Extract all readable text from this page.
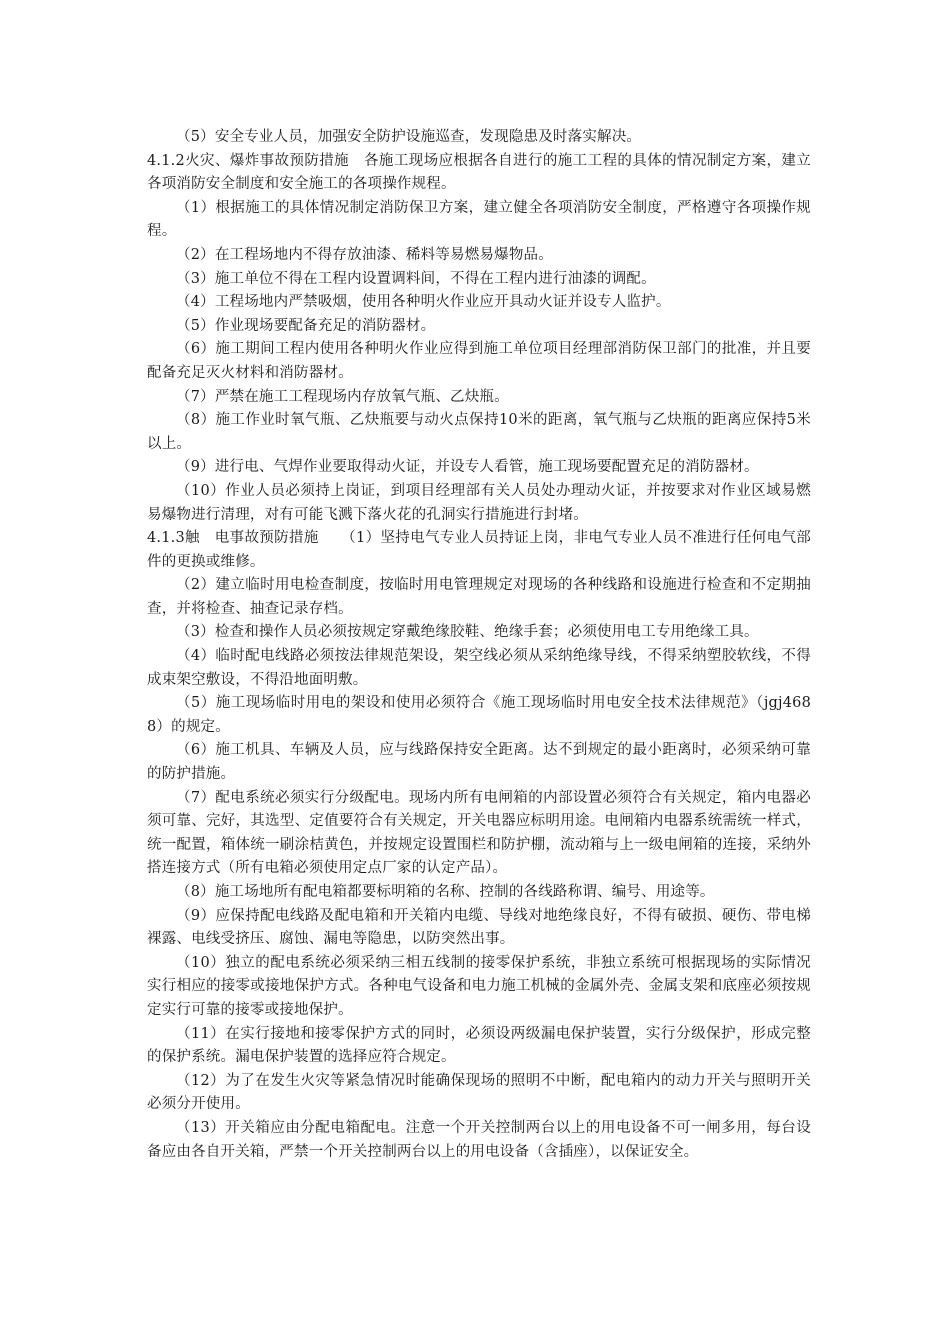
（5）安全专业人员，加强安全防护设施巡查，发现隐患及时落实解决。

4.1.2火灾、爆炸事故预防措施　各施工现场应根据各自进行的施工工程的具体的情况制定方案，建立各项消防安全制度和安全施工的各项操作规程。

（1）根据施工的具体情况制定消防保卫方案，建立健全各项消防安全制度，严格遵守各项操作规程。

（2）在工程场地内不得存放油漆、稀料等易燃易爆物品。

（3）施工单位不得在工程内设置调料间，不得在工程内进行油漆的调配。

（4）工程场地内严禁吸烟，使用各种明火作业应开具动火证并设专人监护。

（5）作业现场要配备充足的消防器材。

（6）施工期间工程内使用各种明火作业应得到施工单位项目经理部消防保卫部门的批准，并且要配备充足灭火材料和消防器材。

（7）严禁在施工工程现场内存放氧气瓶、乙炔瓶。

（8）施工作业时氧气瓶、乙炔瓶要与动火点保持10米的距离，氧气瓶与乙炔瓶的距离应保持5米以上。

（9）进行电、气焊作业要取得动火证，并设专人看管，施工现场要配置充足的消防器材。

（10）作业人员必须持上岗证，到项目经理部有关人员处办理动火证，并按要求对作业区域易燃易爆物进行清理，对有可能飞溅下落火花的孔洞实行措施进行封堵。

4.1.3触　电事故预防措施　　（1）坚持电气专业人员持证上岗，非电气专业人员不准进行任何电气部件的更换或维修。

（2）建立临时用电检查制度，按临时用电管理规定对现场的各种线路和设施进行检查和不定期抽查，并将检查、抽查记录存档。

（3）检查和操作人员必须按规定穿戴绝缘胶鞋、绝缘手套；必须使用电工专用绝缘工具。

（4）临时配电线路必须按法律规范架设，架空线必须从采纳绝缘导线，不得采纳塑胶软线，不得成束架空敷设，不得沿地面明敷。

（5）施工现场临时用电的架设和使用必须符合《施工现场临时用电安全技术法律规范》（jgj4688）的规定。

（6）施工机具、车辆及人员，应与线路保持安全距离。达不到规定的最小距离时，必须采纳可靠的防护措施。

（7）配电系统必须实行分级配电。现场内所有电闸箱的内部设置必须符合有关规定，箱内电器必须可靠、完好，其选型、定值要符合有关规定，开关电器应标明用途。电闸箱内电器系统需统一样式，统一配置，箱体统一刷涂桔黄色，并按规定设置围栏和防护棚，流动箱与上一级电闸箱的连接，采纳外搭连接方式（所有电箱必须使用定点厂家的认定产品）。

（8）施工场地所有配电箱都要标明箱的名称、控制的各线路称谓、编号、用途等。

（9）应保持配电线路及配电箱和开关箱内电缆、导线对地绝缘良好，不得有破损、硬伤、带电梯裸露、电线受挤压、腐蚀、漏电等隐患，以防突然出事。

（10）独立的配电系统必须采纳三相五线制的接零保护系统，非独立系统可根据现场的实际情况实行相应的接零或接地保护方式。各种电气设备和电力施工机械的金属外壳、金属支架和底座必须按规定实行可靠的接零或接地保护。

（11）在实行接地和接零保护方式的同时，必须设两级漏电保护装置，实行分级保护，形成完整的保护系统。漏电保护装置的选择应符合规定。

（12）为了在发生火灾等紧急情况时能确保现场的照明不中断，配电箱内的动力开关与照明开关必须分开使用。

（13）开关箱应由分配电箱配电。注意一个开关控制两台以上的用电设备不可一闸多用，每台设备应由各自开关箱，严禁一个开关控制两台以上的用电设备（含插座），以保证安全。
